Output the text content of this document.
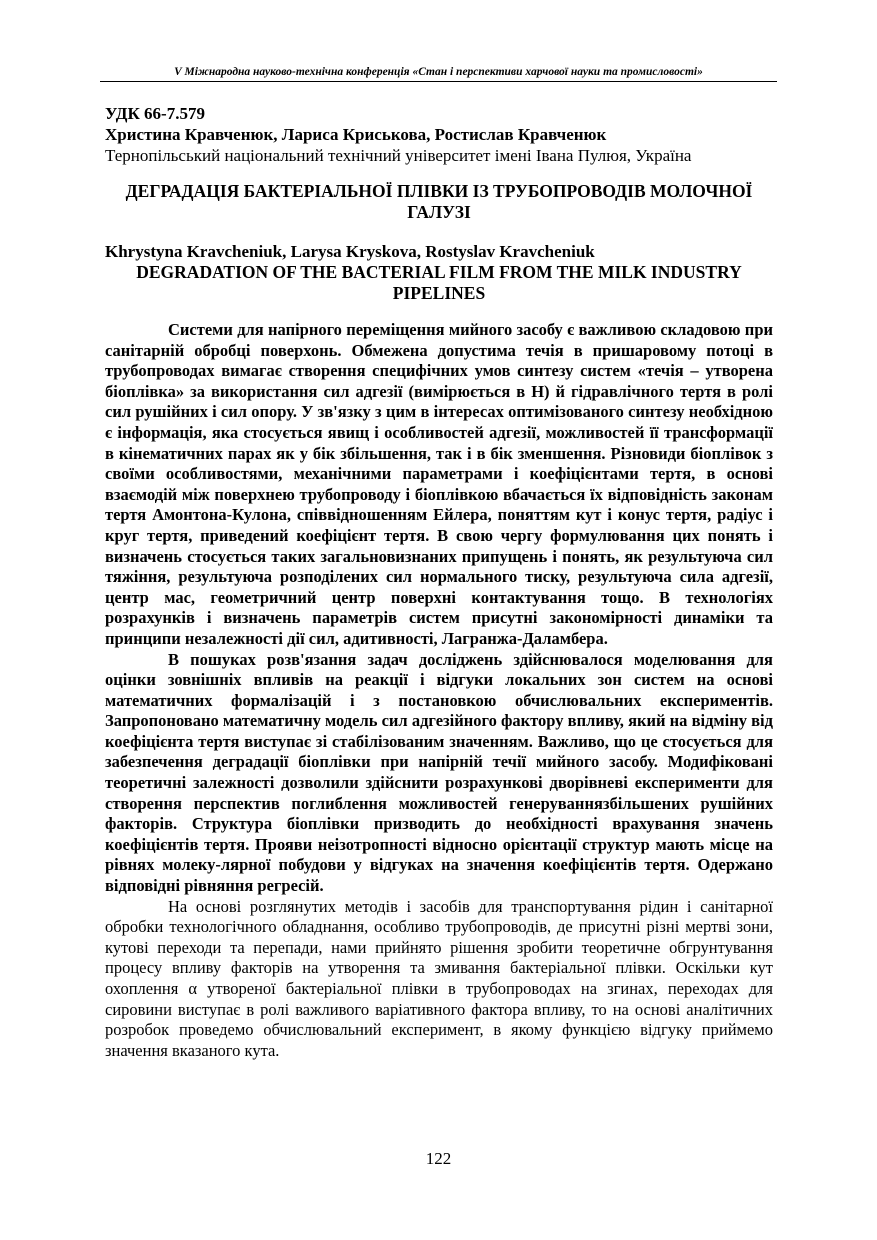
V Міжнародна науково-технічна конференція «Стан і перспективи харчової науки та промисловості»
УДК 66-7.579
Христина Кравченюк, Лариса Криськова, Ростислав Кравченюк
Тернопільський національний технічний університет імені Івана Пулюя, Україна
ДЕГРАДАЦІЯ БАКТЕРІАЛЬНОЇ ПЛІВКИ ІЗ ТРУБОПРОВОДІВ МОЛОЧНОЇ ГАЛУЗІ
Khrystyna Kravcheniuk, Larysa Kryskova, Rostyslav Kravcheniuk
DEGRADATION OF THE BACTERIAL FILM FROM THE MILK INDUSTRY PIPELINES

Системи для напірного переміщення мийного засобу є важливою складовою при санітарній обробці поверхонь. Обмежена допустима течія в пришаровому потоці в трубопроводах вимагає створення специфічних умов синтезу систем «течія – утворена біоплівка» за використання сил адгезії (вимірюється в Н) й гідравлічного тертя в ролі сил рушійних і сил опору. У зв'язку з цим в інтересах оптимізованого синтезу необхідною є інформація, яка стосується явищ і особливостей адгезії, можливостей її трансформації в кінематичних парах як у бік збільшення, так і в бік зменшення. Різновиди біоплівок з своїми особливостями, механічними параметрами і коефіцієнтами тертя, в основі взаємодій між поверхнею трубопроводу і біоплівкою вбачається їх відповідність законам тертя Амонтона-Кулона, співвідношенням Ейлера, поняттям кут і конус тертя, радіус і круг тертя, приведений коефіцієнт тертя. В свою чергу формулювання цих понять і визначень стосується таких загальновизнаних припущень і понять, як результуюча сил тяжіння, результуюча розподілених сил нормального тиску, результуюча сила адгезії, центр мас, геометричний центр поверхні контактування тощо. В технологіях розрахунків і визначень параметрів систем присутні закономірності динаміки та принципи незалежності дії сил, адитивності, Лагранжа-Даламбера.

В пошуках розв'язання задач досліджень здійснювалося моделювання для оцінки зовнішніх впливів на реакції і відгуки локальних зон систем на основі математичних формалізацій і з постановкою обчислювальних експериментів. Запропоновано математичну модель сил адгезійного фактору впливу, який на відміну від коефіцієнта тертя виступає зі стабілізованим значенням. Важливо, що це стосується для забезпечення деградації біоплівки при напірній течії мийного засобу. Модифіковані теоретичні залежності дозволили здійснити розрахункові дворівневі експерименти для створення перспектив поглиблення можливостей генеруваннязбільшених рушійних факторів. Структура біоплівки призводить до необхідності врахування значень коефіцієнтів тертя. Прояви неізотропності відносно орієнтації структур мають місце на рівнях молеку-лярної побудови у відгуках на значення коефіцієнтів тертя. Одержано відповідні рівняння регресій.

На основі розглянутих методів і засобів для транспортування рідин і санітарної обробки технологічного обладнання, особливо трубопроводів, де присутні різні мертві зони, кутові переходи та перепади, нами прийнято рішення зробити теоретичне обгрунтування процесу впливу факторів на утворення та змивання бактеріальної плівки. Оскільки кут охоплення α утвореної бактеріальної плівки в трубопроводах на згинах, переходах для сировини виступає в ролі важливого варіативного фактора впливу, то на основі аналітичних розробок проведемо обчислювальний експеримент, в якому функцією відгуку приймемо значення вказаного кута.

122
